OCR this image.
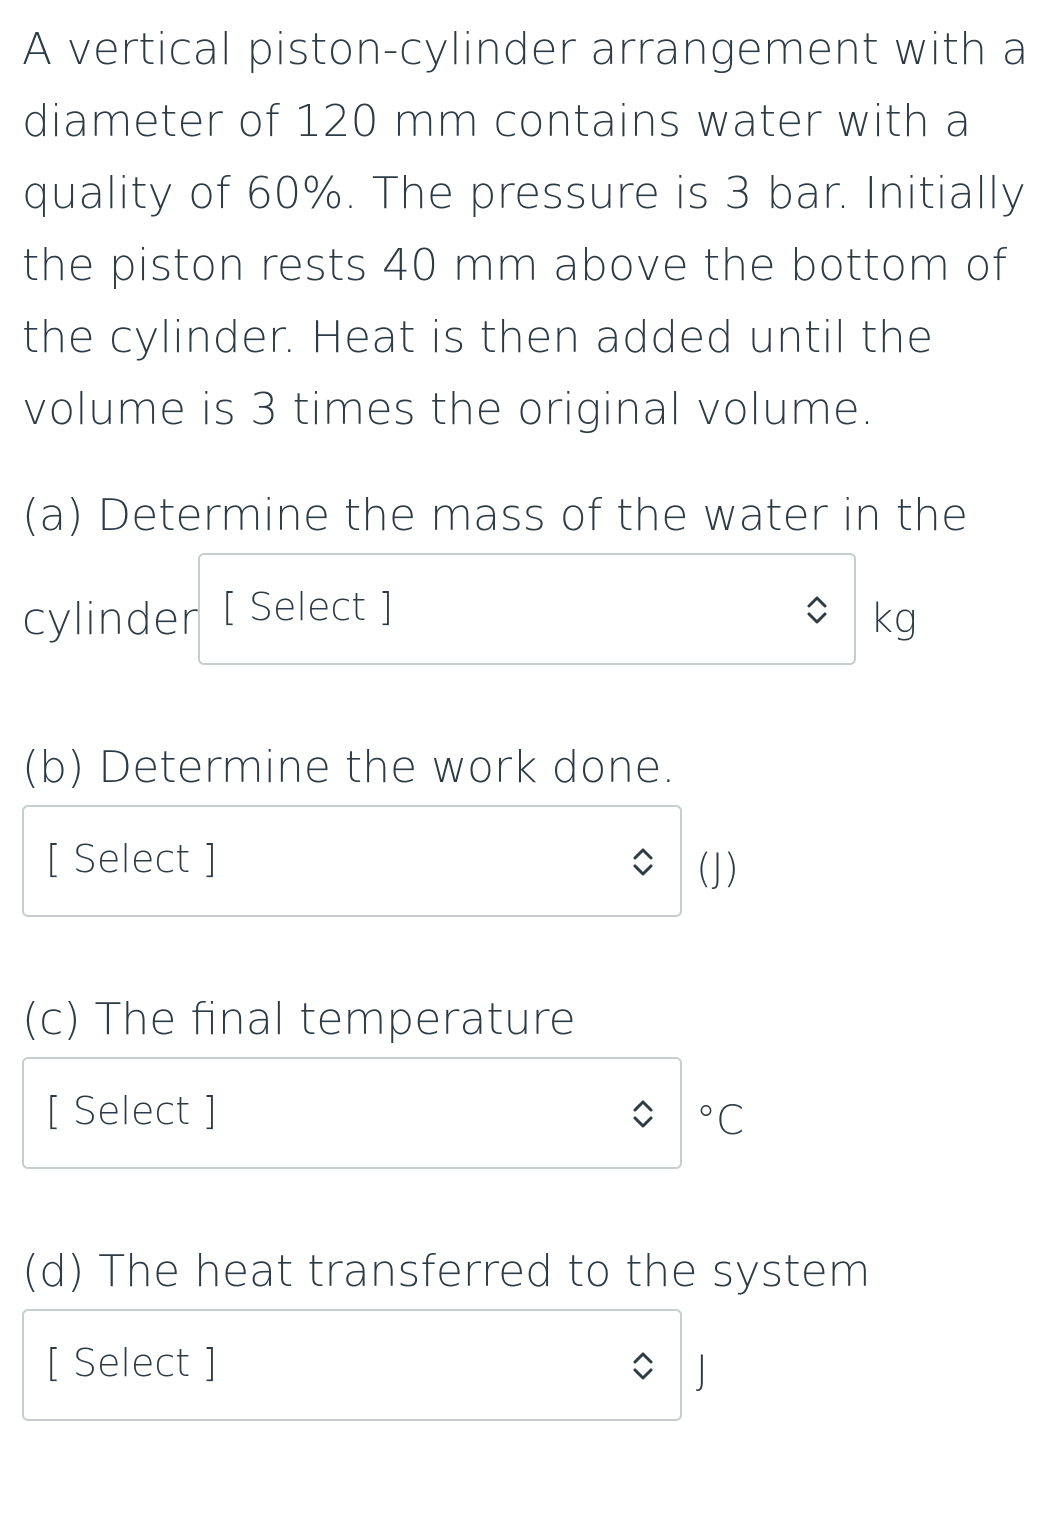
A vertical piston-cylinder arrangement with a
diameter of 120 mm contains water with a
quality of 60%. The pressure is 3 bar. Initially
the piston rests 40 mm above the bottom of
the cylinder. Heat is then added until the
volume is 3 times the original volume.
(a) Determine the mass of the water in the
cylinder [ Select ]	kg
(b) Determine the work done.
[ Select ]	(J)
(c) The final temperature
[ Select ]	°C
(d) The heat transferred to the system
[ Select ]	J
